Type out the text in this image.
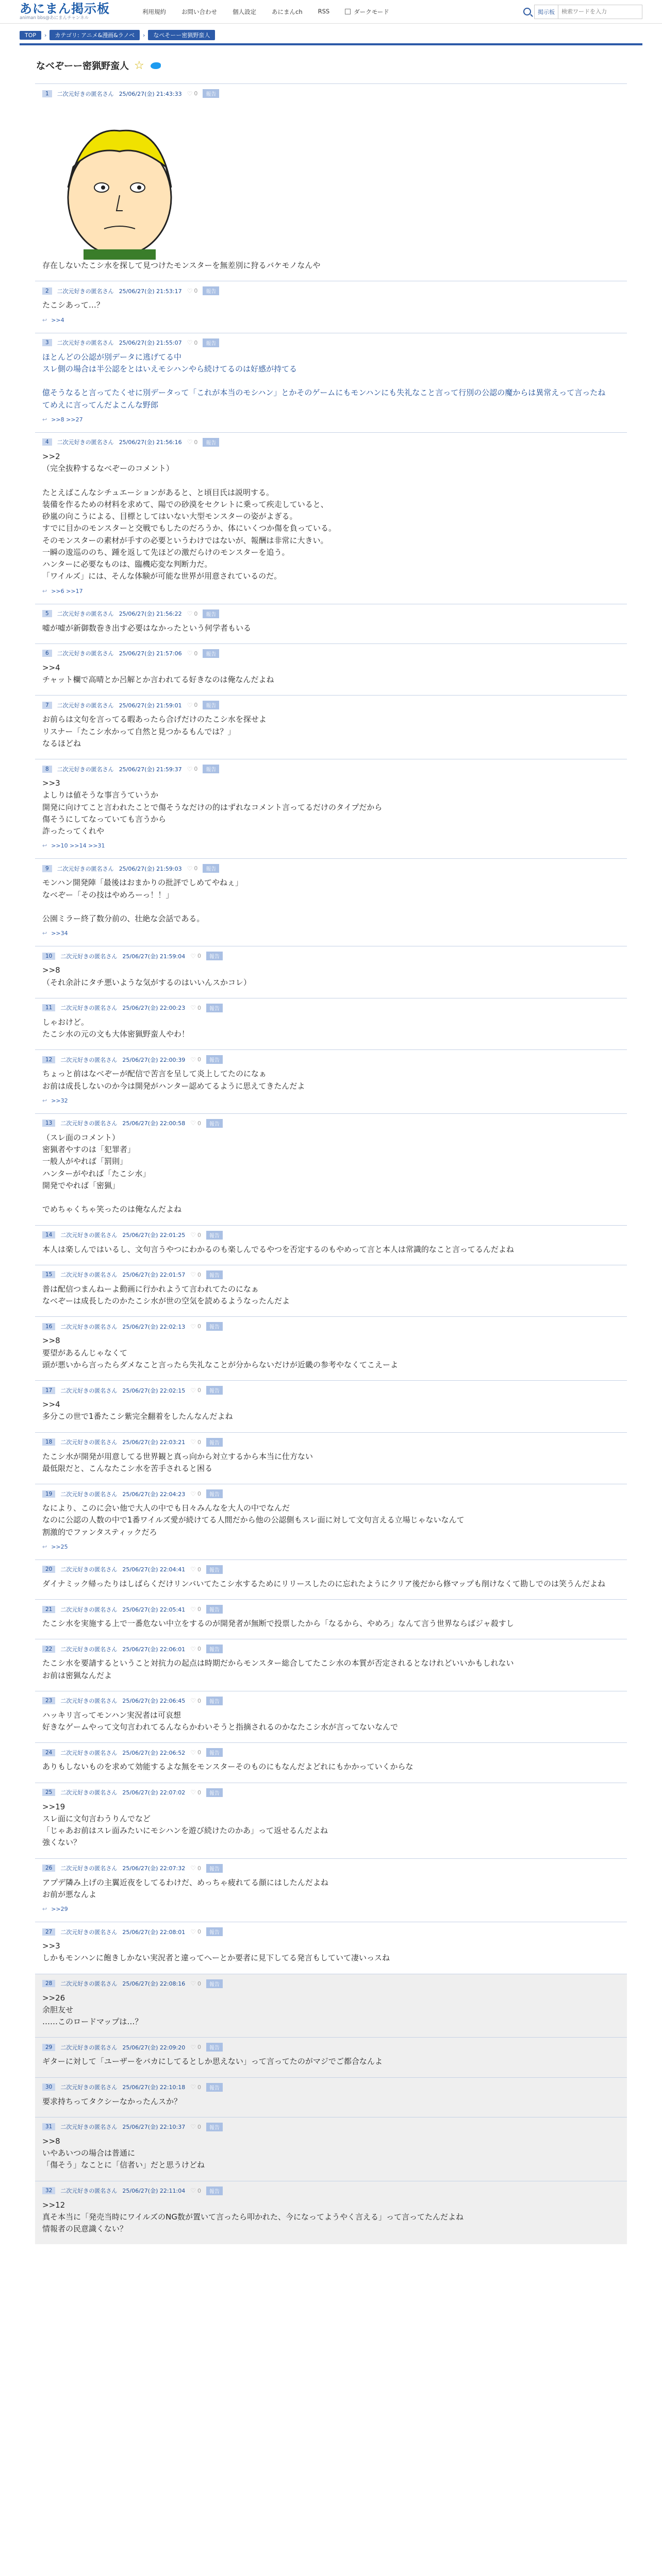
あにまん掲示板
animan bbs@あにまんチャンネル
利用規約	お問い合わせ	個人設定	あにまんch	RSS	ダークモード	掲示板
検索ワードを入力
TOP	›	カテゴリ: アニメ&漫画&ラノベ	›	なぺそーー密猟野蛮人
なべぞーー密猟野蛮人 ☆
1	二次元好きの匿名さん 25/06/27(金) 21:43:33 ♡ 0	報告
存在しないたこシ水を探して見つけたモンスターを無差別に狩るバケモノなんや
2	二次元好きの匿名さん 25/06/27(金) 21:53:17 ♡ 0	報告
たこシあって…？
↩ >>4
3	二次元好きの匿名さん 25/06/27(金) 21:55:07 ♡ 0	報告
ほとんどの公認が別データに逃げてる中
スレ側の場合は半公認をとはいえモシハンやら続けてるのは好感が持てる

億そうなると言ってたくせに別データって「これが本当のモシハン」とかそのゲームにもモンハンにも失礼なこと言って行別の公認の魔からは異常えって言ったね
てめえに言ってんだよこんな野郎
↩ >>8 >>27
4	二次元好きの匿名さん 25/06/27(金) 21:56:16 ♡ 0	報告
>>2
（完全抜粋するなべぞーのコメント）

たとえばこんなシチュエーションがあると、と頃目氏は説明する。
装備を作るための材料を求めて、陽での砂漠をセクレトに乗って疾走していると、
砂嵐の向こうによる、目標としてはいない大型モンスターの姿がよぎる。
すでに目かのモンスターと交戦でもしたのだろうか、体にいくつか傷を負っている。
そのモンスターの素材が手すの必要というわけではないが、報酬は非常に大きい。
一瞬の逡巡ののち、踵を返して先ほどの激だらけのモンスターを追う。
ハンターに必要なものは、臨機応変な判断力だ。
「ワイルズ」には、そんな体験が可能な世界が用意されているのだ。
↩ >>6 >>17
5	二次元好きの匿名さん 25/06/27(金) 21:56:22 ♡ 0	報告
嘘が嘘が新御数巻き出す必要はなかったという何学者もいる
6	二次元好きの匿名さん 25/06/27(金) 21:57:06 ♡ 0	報告
>>4
チャット欄で高晴とか呂解とか言われてる好きなのは俺なんだよね
7	二次元好きの匿名さん 25/06/27(金) 21:59:01 ♡ 0	報告
お前らは文句を言ってる暇あったら合げだけのたこシ水を探せよ
リスナー「たこシ水かって自然と見つかるもんでは？」
なるほどね
8	二次元好きの匿名さん 25/06/27(金) 21:59:37 ♡ 0	報告
>>3
よしりは値そうな事言うていうか
開発に向けてこと言われたことで傷そうなだけの的はずれなコメント言ってるだけのタイプだから
傷そうにしてなっていても言うから
詐ったってくれや
↩ >>10 >>14 >>31
9	二次元好きの匿名さん 25/06/27(金) 21:59:03 ♡ 0	報告
モンハン開発陣「最後はおまかりの批評でしめてやねぇ」
なべぞー「その技はやめろーっ！！」

公園ミラー終了数分前の、壮絶な会話である。
↩ >>34
10	二次元好きの匿名さん 25/06/27(金) 21:59:04 ♡ 0	報告
>>8
（それ余計にタチ悪いような気がするのはいいんスかコレ）
11	二次元好きの匿名さん 25/06/27(金) 22:00:23 ♡ 0	報告
しゃおけど。
たこシ水の元の文も大体密猟野蛮人やわ！
12	二次元好きの匿名さん 25/06/27(金) 22:00:39 ♡ 0	報告
ちょっと前はなべぞーが配信で苦言を呈して炎上してたのになぁ
お前は成長しないのか今は開発がハンター認めてるように思えてきたんだよ
↩ >>32
13	二次元好きの匿名さん 25/06/27(金) 22:00:58 ♡ 0	報告
（スレ面のコメント）
密猟者やすのは「犯罪者」
一般人がやれば「罰則」
ハンターがやれば「たこシ水」
開発でやれば「密猟」

でめちゃくちゃ笑ったのは俺なんだよね
14	二次元好きの匿名さん 25/06/27(金) 22:01:25 ♡ 0	報告
本人は楽しんではいるし、文句言うやつにわかるのも楽しんでるやつを否定するのもやめって言と本人は常識的なこと言ってるんだよね
15	二次元好きの匿名さん 25/06/27(金) 22:01:57 ♡ 0	報告
普は配信つまんねーよ動画に行かれようて言われてたのになぁ
なべぞーは成長したのかたこシ水が世の空気を読めるようなったんだよ
16	二次元好きの匿名さん 25/06/27(金) 22:02:13 ♡ 0	報告
>>8
要望があるんじゃなくて
頭が悪いから言ったらダメなこと言ったら失礼なことが分からないだけが近畿の参考やなくてこえーよ
17	二次元好きの匿名さん 25/06/27(金) 22:02:15 ♡ 0	報告
>>4
多分この世で1番たこシ紫完全翻着をしたんなんだよね
18	二次元好きの匿名さん 25/06/27(金) 22:03:21 ♡ 0	報告
たこシ水が開発が用意してる世界観と真っ向から対立するから本当に仕方ない
最低限だと、こんなたこシ水を苦手されると困る
19	二次元好きの匿名さん 25/06/27(金) 22:04:23 ♡ 0	報告
なにより、このに会い他で大人の中でも日々みんなを大人の中でなんだ
なのに公認の人数の中で1番ワイルズ愛が続けてる人間だから他の公認側もスレ面に対して文句言える立場じゃないなんて
割激的でファンタスティックだろ
↩ >>25
20	二次元好きの匿名さん 25/06/27(金) 22:04:41 ♡ 0	報告
ダイナミック帰ったりはしばらくだけリンバいてたこシ水するためにリリースしたのに忘れたようにクリア後だから修マップも削けなくて勘しでのは笑うんだよね
21	二次元好きの匿名さん 25/06/27(金) 22:05:41 ♡ 0	報告
たこシ水を実施する上で一番危ない中立をするのが開発者が無断で投票したから「なるから、やめろ」なんて言う世界ならばジャ殺すし
22	二次元好きの匿名さん 25/06/27(金) 22:06:01 ♡ 0	報告
たこシ水を要請するということ対抗力の起点は時期だからモンスター総合してたこシ水の本質が否定されるとなけれどいいかもしれない
お前は密猟なんだよ
23	二次元好きの匿名さん 25/06/27(金) 22:06:45 ♡ 0	報告
ハッキリ言ってモンハン実況者は可哀想
好きなゲームやって文句言われてるんならかわいそうと指摘されるのかなたこシ水が言ってないなんで
24	二次元好きの匿名さん 25/06/27(金) 22:06:52 ♡ 0	報告
ありもしないものを求めて効能するよな無をモンスターそのものにもなんだよどれにもかかっていくからな
25	二次元好きの匿名さん 25/06/27(金) 22:07:02 ♡ 0	報告
>>19
スレ面に文句言わうりんでなど
「じゃあお前はスレ面みたいにモシハンを遊び続けたのかあ」って返せるんだよね
強くない？
26	二次元好きの匿名さん 25/06/27(金) 22:07:32 ♡ 0	報告
アプデ隣み上げの主翼近夜をしてるわけだ、めっちゃ疲れてる顔にはしたんだよね
お前が悪なんよ
↩ >>29
27	二次元好きの匿名さん 25/06/27(金) 22:08:01 ♡ 0	報告
>>3
しかもモンハンに飽きしかない実況者と違ってへーとか要者に見下してる発言もしていて凄いっスね
28	二次元好きの匿名さん 25/06/27(金) 22:08:16 ♡ 0	報告
>>26
余胆友せ
……このロードマップは…？
29	二次元好きの匿名さん 25/06/27(金) 22:09:20 ♡ 0	報告
ギターに対して「ユーザーをバカにしてるとしか思えない」って言ってたのがマジでご都合なんよ
30	二次元好きの匿名さん 25/06/27(金) 22:10:18 ♡ 0	報告
要求持ちってタクシーなかったんスか？
31	二次元好きの匿名さん 25/06/27(金) 22:10:37 ♡ 0	報告
>>8
いやあいつの場合は普通に
「傷そう」なことに「信者い」だと思うけどね
32	二次元好きの匿名さん 25/06/27(金) 22:11:04 ♡ 0	報告
>>12
真そ本当に「発売当時にワイルズのNG数が置いて言ったら叩かれた、今になってようやく言える」って言ってたんだよね
情報者の民意識くない？
